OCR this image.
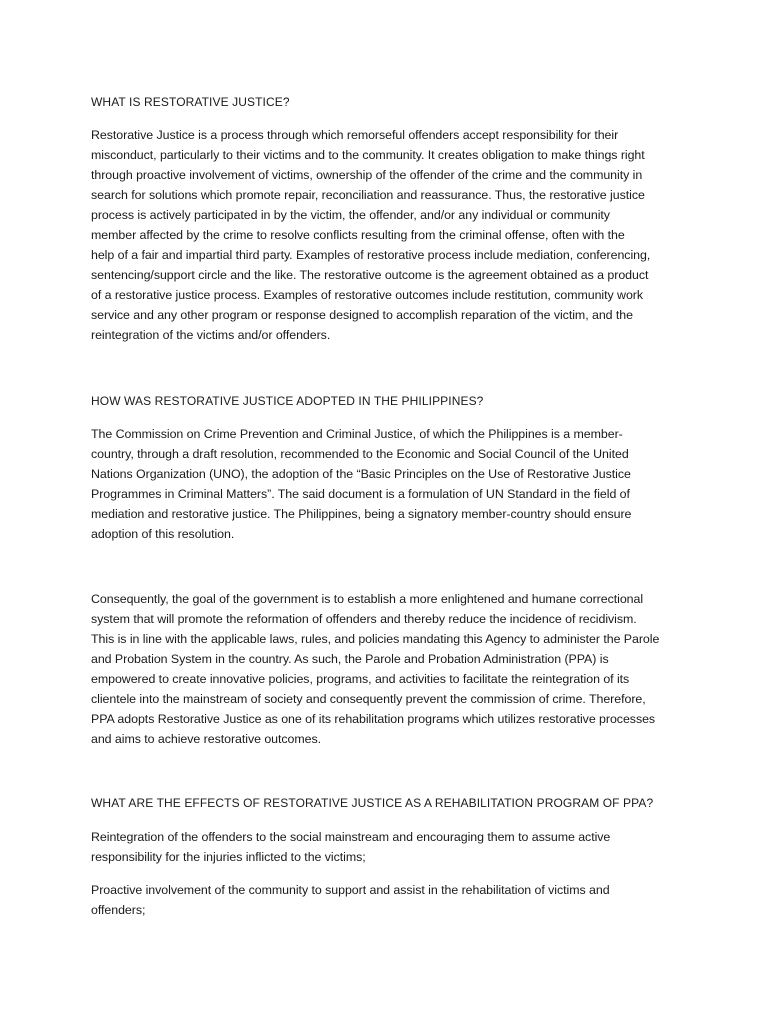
WHAT IS RESTORATIVE JUSTICE?
Restorative Justice is a process through which remorseful offenders accept responsibility for their
misconduct, particularly to their victims and to the community. It creates obligation to make things right
through proactive involvement of victims, ownership of the offender of the crime and the community in
search for solutions which promote repair, reconciliation and reassurance. Thus, the restorative justice
process is actively participated in by the victim, the offender, and/or any individual or community
member affected by the crime to resolve conflicts resulting from the criminal offense, often with the
help of a fair and impartial third party. Examples of restorative process include mediation, conferencing,
sentencing/support circle and the like. The restorative outcome is the agreement obtained as a product
of a restorative justice process. Examples of restorative outcomes include restitution, community work
service and any other program or response designed to accomplish reparation of the victim, and the
reintegration of the victims and/or offenders.
HOW WAS RESTORATIVE JUSTICE ADOPTED IN THE PHILIPPINES?
The Commission on Crime Prevention and Criminal Justice, of which the Philippines is a member-
country, through a draft resolution, recommended to the Economic and Social Council of the United
Nations Organization (UNO), the adoption of the “Basic Principles on the Use of Restorative Justice
Programmes in Criminal Matters”. The said document is a formulation of UN Standard in the field of
mediation and restorative justice. The Philippines, being a signatory member-country should ensure
adoption of this resolution.
Consequently, the goal of the government is to establish a more enlightened and humane correctional
system that will promote the reformation of offenders and thereby reduce the incidence of recidivism.
This is in line with the applicable laws, rules, and policies mandating this Agency to administer the Parole
and Probation System in the country. As such, the Parole and Probation Administration (PPA) is
empowered to create innovative policies, programs, and activities to facilitate the reintegration of its
clientele into the mainstream of society and consequently prevent the commission of crime. Therefore,
PPA adopts Restorative Justice as one of its rehabilitation programs which utilizes restorative processes
and aims to achieve restorative outcomes.
WHAT ARE THE EFFECTS OF RESTORATIVE JUSTICE AS A REHABILITATION PROGRAM OF PPA?
Reintegration of the offenders to the social mainstream and encouraging them to assume active
responsibility for the injuries inflicted to the victims;
Proactive involvement of the community to support and assist in the rehabilitation of victims and
offenders;
